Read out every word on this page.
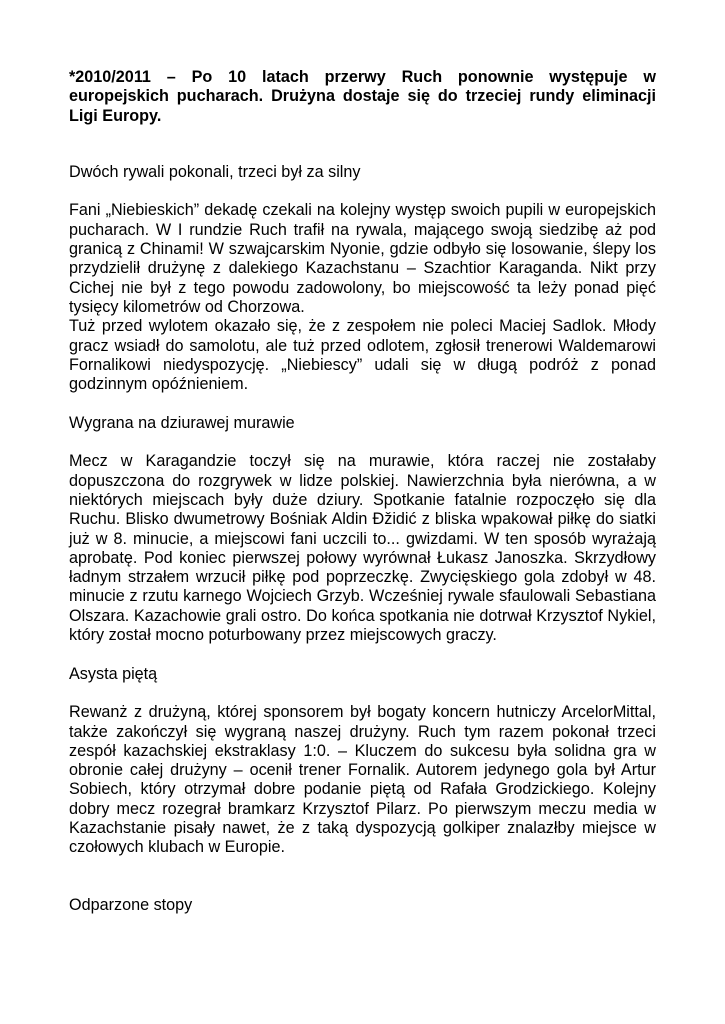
*2010/2011 – Po 10 latach przerwy Ruch ponownie występuje w europejskich pucharach. Drużyna dostaje się do trzeciej rundy eliminacji Ligi Europy.

Dwóch rywali pokonali, trzeci był za silny

Fani „Niebieskich” dekadę czekali na kolejny występ swoich pupili w europejskich pucharach. W I rundzie Ruch trafił na rywala, mającego swoją siedzibę aż pod granicą z Chinami! W szwajcarskim Nyonie, gdzie odbyło się losowanie, ślepy los przydzielił drużynę z dalekiego Kazachstanu – Szachtior Karaganda. Nikt przy Cichej nie był z tego powodu zadowolony, bo miejscowość ta leży ponad pięć tysięcy kilometrów od Chorzowa.

Tuż przed wylotem okazało się, że z zespołem nie poleci Maciej Sadlok. Młody gracz wsiadł do samolotu, ale tuż przed odlotem, zgłosił trenerowi Waldemarowi Fornalikowi niedyspozycję. „Niebiescy” udali się w długą podróż z ponad godzinnym opóźnieniem.

Wygrana na dziurawej murawie

Mecz w Karagandzie toczył się na murawie, która raczej nie zostałaby dopuszczona do rozgrywek w lidze polskiej. Nawierzchnia była nierówna, a w niektórych miejscach były duże dziury. Spotkanie fatalnie rozpoczęło się dla Ruchu. Blisko dwumetrowy Bośniak Aldin Đžidić z bliska wpakował piłkę do siatki już w 8. minucie, a miejscowi fani uczcili to... gwizdami. W ten sposób wyrażają aprobatę. Pod koniec pierwszej połowy wyrównał Łukasz Janoszka. Skrzydłowy ładnym strzałem wrzucił piłkę pod poprzeczkę. Zwycięskiego gola zdobył w 48. minucie z rzutu karnego Wojciech Grzyb. Wcześniej rywale sfaulowali Sebastiana Olszara. Kazachowie grali ostro. Do końca spotkania nie dotrwał Krzysztof Nykiel, który został mocno poturbowany przez miejscowych graczy.

Asysta piętą

Rewanż z drużyną, której sponsorem był bogaty koncern hutniczy ArcelorMittal, także zakończył się wygraną naszej drużyny. Ruch tym razem pokonał trzeci zespół kazachskiej ekstraklasy 1:0. – Kluczem do sukcesu była solidna gra w obronie całej drużyny – ocenił trener Fornalik. Autorem jedynego gola był Artur Sobiech, który otrzymał dobre podanie piętą od Rafała Grodzickiego. Kolejny dobry mecz rozegrał bramkarz Krzysztof Pilarz. Po pierwszym meczu media w Kazachstanie pisały nawet, że z taką dyspozycją golkiper znalazłby miejsce w czołowych klubach w Europie.

Odparzone stopy
